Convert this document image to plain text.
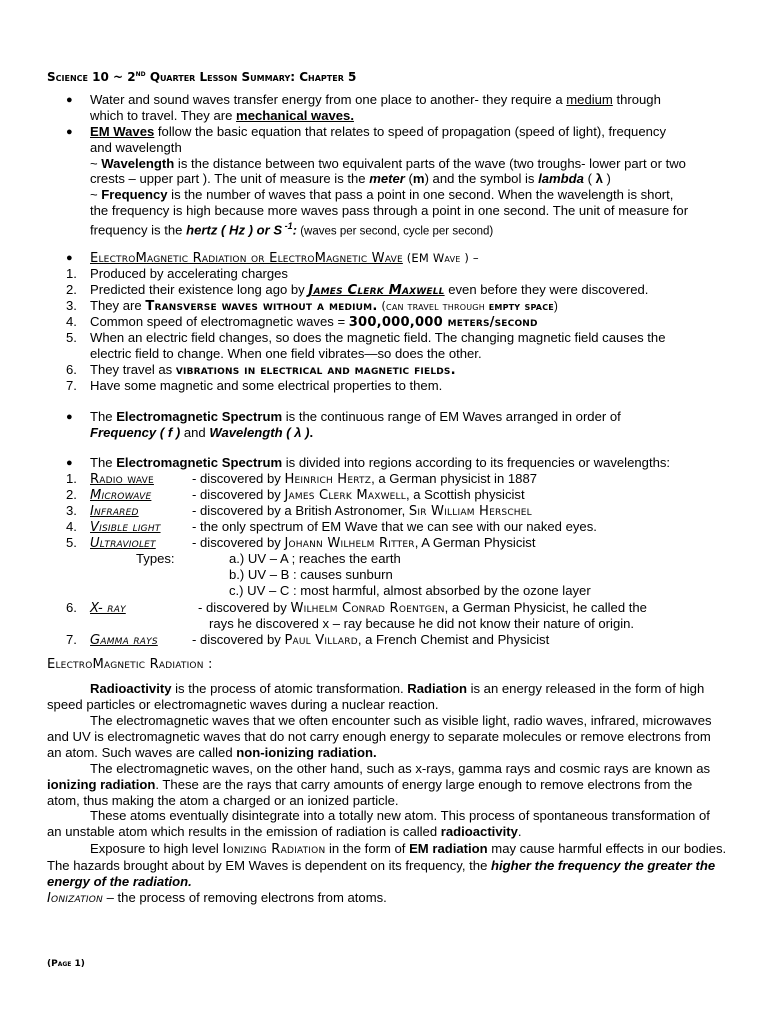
Science 10 ~ 2nd Quarter Lesson Summary: Chapter 5
● Water and sound waves transfer energy from one place to another- they require a medium through
which to travel. They are mechanical waves.
● EM Waves follow the basic equation that relates to speed of propagation (speed of light), frequency
and wavelength
~ Wavelength is the distance between two equivalent parts of the wave (two troughs- lower part or two
crests – upper part ). The unit of measure is the meter (m) and the symbol is lambda ( λ )
~ Frequency is the number of waves that pass a point in one second. When the wavelength is short,
the frequency is high because more waves pass through a point in one second. The unit of measure for
frequency is the hertz ( Hz ) or S $^{-1}$: (waves per second, cycle per second)
● ElectroMagnetic Radiation or ElectroMagnetic Wave (EM Wave ) –
1. Produced by accelerating charges
2. Predicted their existence long ago by James Clerk Maxwell even before they were discovered.
3. They are Transverse waves without a medium. (can travel through empty space)
4. Common speed of electromagnetic waves = 300,000,000 meters/second
5. When an electric field changes, so does the magnetic field. The changing magnetic field causes the
electric field to change. When one field vibrates—so does the other.
6. They travel as vibrations in electrical and magnetic fields.
7. Have some magnetic and some electrical properties to them.
● The Electromagnetic Spectrum is the continuous range of EM Waves arranged in order of
Frequency ( f ) and Wavelength ( λ ).
● The Electromagnetic Spectrum is divided into regions according to its frequencies or wavelengths:
1. Radio wave	- discovered by Heinrich Hertz, a German physicist in 1887
2. Microwave	- discovered by James Clerk Maxwell, a Scottish physicist
3. Infrared	- discovered by a British Astronomer, Sir William Herschel
4. Visible light - the only spectrum of EM Wave that we can see with our naked eyes.
5. Ultraviolet	- discovered by Johann Wilhelm Ritter, A German Physicist
Types:	a.) UV – A ; reaches the earth
b.) UV – B : causes sunburn
c.) UV – C : most harmful, almost absorbed by the ozone layer
6. X- ray	- discovered by Wilhelm Conrad Roentgen, a German Physicist, he called the
rays he discovered x – ray because he did not know their nature of origin.
7. Gamma rays	- discovered by Paul Villard, a French Chemist and Physicist
ElectroMagnetic Radiation :
Radioactivity is the process of atomic transformation. Radiation is an energy released in the form of high speed particles or electromagnetic waves during a nuclear reaction.
The electromagnetic waves that we often encounter such as visible light, radio waves, infrared, microwaves and UV is electromagnetic waves that do not carry enough energy to separate molecules or remove electrons from an atom. Such waves are called non-ionizing radiation.
The electromagnetic waves, on the other hand, such as x-rays, gamma rays and cosmic rays are known as ionizing radiation. These are the rays that carry amounts of energy large enough to remove electrons from the atom, thus making the atom a charged or an ionized particle.
These atoms eventually disintegrate into a totally new atom. This process of spontaneous transformation of an unstable atom which results in the emission of radiation is called radioactivity.
Exposure to high level Ionizing Radiation in the form of EM radiation may cause harmful effects in our bodies. The hazards brought about by EM Waves is dependent on its frequency, the higher the frequency the greater the energy of the radiation.
Ionization – the process of removing electrons from atoms.
(Page 1)
